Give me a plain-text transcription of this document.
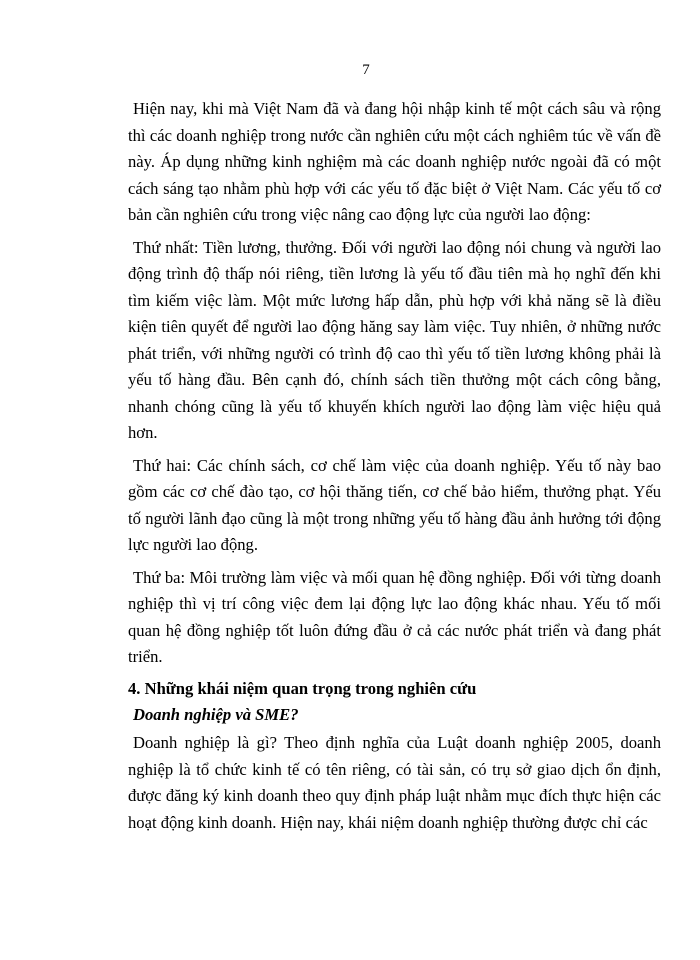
7

Hiện nay, khi mà Việt Nam đã và đang hội nhập kinh tế một cách sâu và rộng thì các doanh nghiệp trong nước cần nghiên cứu một cách nghiêm túc về vấn đề này. Áp dụng những kinh nghiệm mà các doanh nghiệp nước ngoài đã có một cách sáng tạo nhằm phù hợp với các yếu tố đặc biệt ở Việt Nam. Các yếu tố cơ bản cần nghiên cứu trong việc nâng cao động lực của người lao động:

Thứ nhất: Tiền lương, thưởng. Đối với người lao động nói chung và người lao động trình độ thấp nói riêng, tiền lương là yếu tố đầu tiên mà họ nghĩ đến khi tìm kiếm việc làm. Một mức lương hấp dẫn, phù hợp với khả năng sẽ là điều kiện tiên quyết để người lao động hăng say làm việc. Tuy nhiên, ở những nước phát triển, với những người có trình độ cao thì yếu tố tiền lương không phải là yếu tố hàng đầu. Bên cạnh đó, chính sách tiền thưởng một cách công bằng, nhanh chóng cũng là yếu tố khuyến khích người lao động làm việc hiệu quả hơn.

Thứ hai: Các chính sách, cơ chế làm việc của doanh nghiệp. Yếu tố này bao gồm các cơ chế đào tạo, cơ hội thăng tiến, cơ chế bảo hiểm, thưởng phạt. Yếu tố người lãnh đạo cũng là một trong những yếu tố hàng đầu ảnh hưởng tới động lực người lao động.

Thứ ba: Môi trường làm việc và mối quan hệ đồng nghiệp. Đối với từng doanh nghiệp thì vị trí công việc đem lại động lực lao động khác nhau. Yếu tố mối quan hệ đồng nghiệp tốt luôn đứng đầu ở cả các nước phát triển và đang phát triển.

4. Những khái niệm quan trọng trong nghiên cứu
Doanh nghiệp và SME?

Doanh nghiệp là gì? Theo định nghĩa của Luật doanh nghiệp 2005, doanh nghiệp là tổ chức kinh tế có tên riêng, có tài sản, có trụ sở giao dịch ổn định, được đăng ký kinh doanh theo quy định pháp luật nhằm mục đích thực hiện các hoạt động kinh doanh. Hiện nay, khái niệm doanh nghiệp thường được chỉ các
